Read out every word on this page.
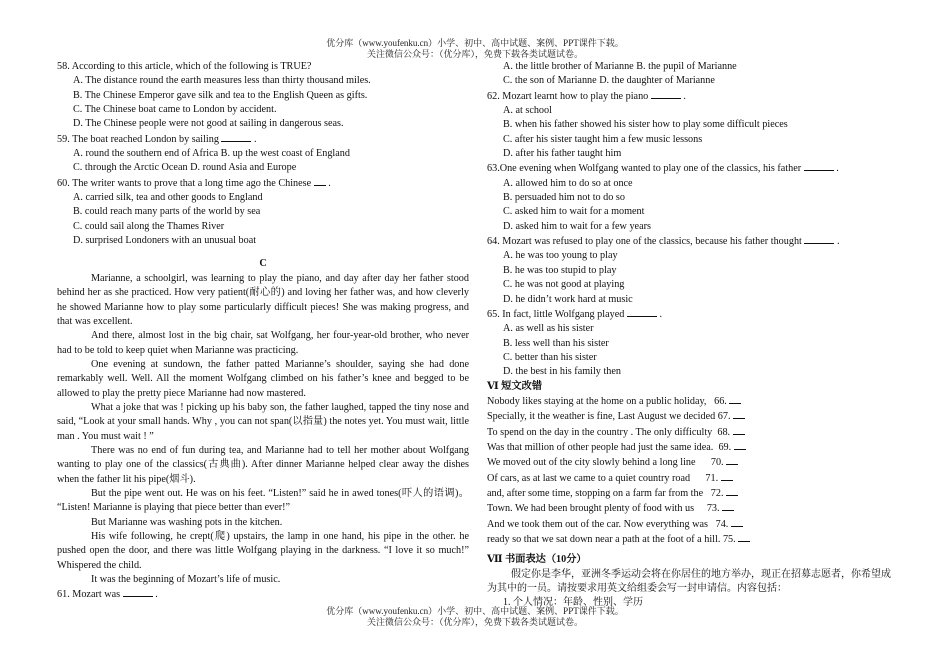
优分库（www.youfenku.cn）小学、初中、高中试题、案例、PPT课件下载。
关注微信公众号：（优分库），免费下载各类试题试卷。
58. According to this article, which of the following is TRUE?
A. The distance round the earth measures less than thirty thousand miles.
B. The Chinese Emperor gave silk and tea to the English Queen as gifts.
C. The Chinese boat came to London by accident.
D. The Chinese people were not good at sailing in dangerous seas.
59. The boat reached London by sailing	.
A. round the southern end of Africa B. up the west coast of England
C. through the Arctic Ocean D. round Asia and Europe
60. The writer wants to prove that a long time ago the Chinese  .
A. carried silk, tea and other goods to England
B. could reach many parts of the world by sea
C. could sail along the Thames River
D. surprised Londoners with an unusual boat
C
Marianne, a schoolgirl, was learning to play the piano, and day after day her father stood behind her as she practiced. How very patient(耐心的) and loving her father was, and how cleverly he showed Marianne how to play some particularly difficult pieces! She was making progress, and that was excellent.
And there, almost lost in the big chair, sat Wolfgang, her four-year-old brother, who never had to be told to keep quiet when Marianne was practicing.
One evening at sundown, the father patted Marianne’s shoulder, saying she had done remarkably well. Well. All the moment Wolfgang climbed on his father’s knee and begged to be allowed to play the pretty piece Marianne had now mastered.
What a joke that was ! picking up his baby son, the father laughed, tapped the tiny nose and said, “Look at your small hands. Why , you can not span(以指量) the notes yet. You must wait, little man . You must wait ! ”
There was no end of fun during tea, and Marianne had to tell her mother about Wolfgang wanting to play one of the classics(古典曲). After dinner Marianne helped clear away the dishes when the father lit his pipe(烟斗).
But the pipe went out. He was on his feet. “Listen!” said he in awed tones(吓人的语调)。 “Listen! Marianne is playing that piece better than ever!”
But Marianne was washing pots in the kitchen.
His wife following, he crept(爬) upstairs, the lamp in one hand, his pipe in the other. he pushed open the door, and there was little Wolfgang playing in the darkness. “I love it so much!” Whispered the child.
It was the beginning of Mozart’s life of music.
61. Mozart was	.
A. the little brother of Marianne B. the pupil of Marianne
C. the son of Marianne D. the daughter of Marianne
62. Mozart learnt how to play the piano	.
A. at school
B. when his father showed his sister how to play some difficult pieces
C. after his sister taught him a few music lessons
D. after his father taught him
63.One evening when Wolfgang wanted to play one of the classics, his father	.
A. allowed him to do so at once
B. persuaded him not to do so
C. asked him to wait for a moment
D. asked him to wait for a few years
64. Mozart was refused to play one of the classics, because his father thought	.
A. he was too young to play
B. he was too stupid to play
C. he was not good at playing
D. he didn’t work hard at music
65. In fact, little Wolfgang played	.
A. as well as his sister
B. less well than his sister
C. better than his sister
D. the best in his family then
Ⅵ 短文改错
Nobody likes staying at the home on a public holiday, 66.
Specially, it the weather is fine, Last August we decided 67.
To spend on the day in the country . The only difficulty 68.
Was that million of other people had just the same idea. 69.
We moved out of the city slowly behind a long line 70.
Of cars, as at last we came to a quiet country road 71.
and, after some time, stopping on a farm far from the 72.
Town. We had been brought plenty of food with us 73.
And we took them out of the car. Now everything was 74.
ready so that we sat down near a path at the foot of a hill. 75.
Ⅶ 书面表达（10分）
假定你是李华，亚洲冬季运动会将在你居住的地方举办，现正在招募志愿者，你希望成为其中的一员。请按要求用英文给组委会写一封申请信。内容包括：
1. 个人情况：年龄、性别、学历
优分库（www.youfenku.cn）小学、初中、高中试题、案例、PPT课件下载。
关注微信公众号：（优分库），免费下载各类试题试卷。
